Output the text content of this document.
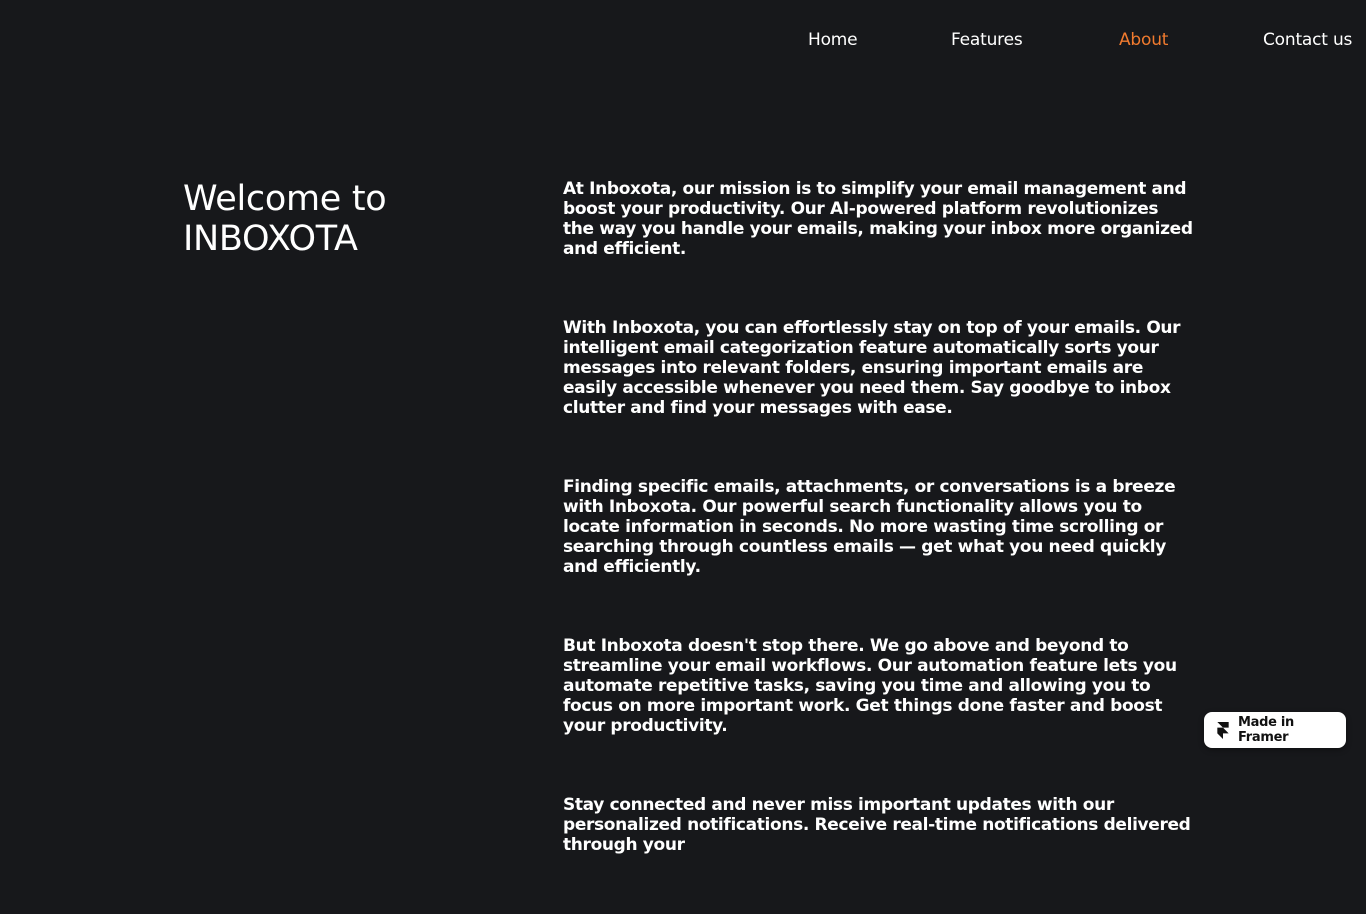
Home	Features	About	Contact us
Welcome to
INBOXOTA

At Inboxota, our mission is to simplify your email management and boost your productivity. Our AI-powered platform revolutionizes the way you handle your emails, making your inbox more organized and efficient.

With Inboxota, you can effortlessly stay on top of your emails. Our intelligent email categorization feature automatically sorts your messages into relevant folders, ensuring important emails are easily accessible whenever you need them. Say goodbye to inbox clutter and find your messages with ease.

Finding specific emails, attachments, or conversations is a breeze with Inboxota. Our powerful search functionality allows you to locate information in seconds. No more wasting time scrolling or searching through countless emails — get what you need quickly and efficiently.

But Inboxota doesn't stop there. We go above and beyond to streamline your email workflows. Our automation feature lets you automate repetitive tasks, saving you time and allowing you to focus on more important work. Get things done faster and boost your productivity.

Stay connected and never miss important updates with our personalized notifications. Receive real-time notifications delivered through your

Made in Framer
